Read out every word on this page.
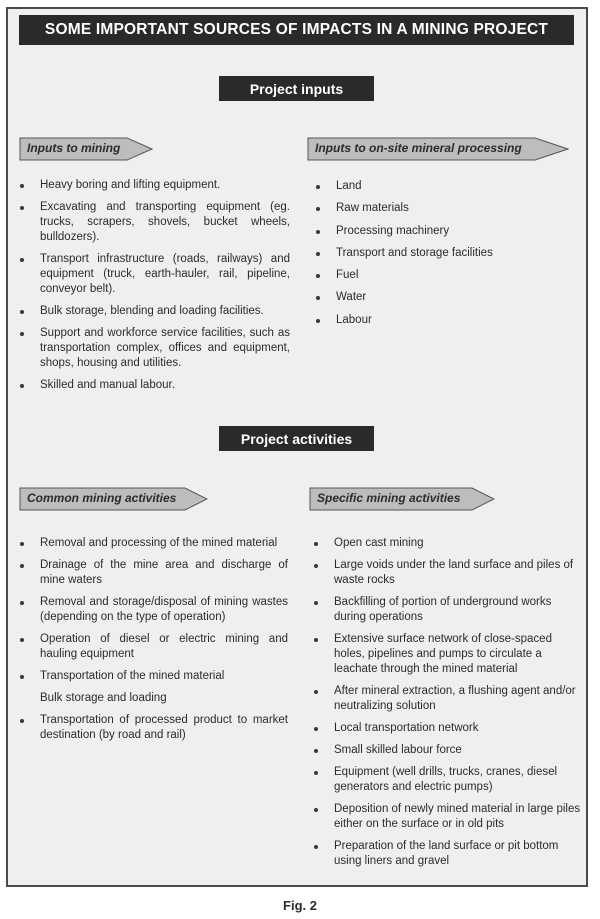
SOME IMPORTANT SOURCES OF IMPACTS IN A MINING PROJECT
Project inputs
Inputs to mining	Inputs to on-site mineral processing
Heavy boring and lifting equipment.
Excavating and transporting equipment (eg. trucks, scrapers, shovels, bucket wheels, bulldozers).
Transport infrastructure (roads, railways) and equipment (truck, earth-hauler, rail, pipeline, conveyor belt).
Bulk storage, blending and loading facilities.
Support and workforce service facilities, such as transportation complex, offices and equipment, shops, housing and utilities.
Skilled and manual labour.
Land
Raw materials
Processing machinery
Transport and storage facilities
Fuel
Water
Labour
Project activities
Common mining activities	Specific mining activities
Removal and processing of the mined material
Drainage of the mine area and discharge of mine waters
Removal and storage/disposal of mining wastes (depending on the type of operation)
Operation of diesel or electric mining and hauling equipment
Transportation of the mined material
Bulk storage and loading
Transportation of processed product to market destination (by road and rail)
Open cast mining
Large voids under the land surface and piles of waste rocks
Backfilling of portion of underground works during operations
Extensive surface network of close-spaced holes, pipelines and pumps to circulate a leachate through the mined material
After mineral extraction, a flushing agent and/or neutralizing solution
Local transportation network
Small skilled labour force
Equipment (well drills, trucks, cranes, diesel generators and electric pumps)
Deposition of newly mined material in large piles either on the surface or in old pits
Preparation of the land surface or pit bottom using liners and gravel
Fig. 2
